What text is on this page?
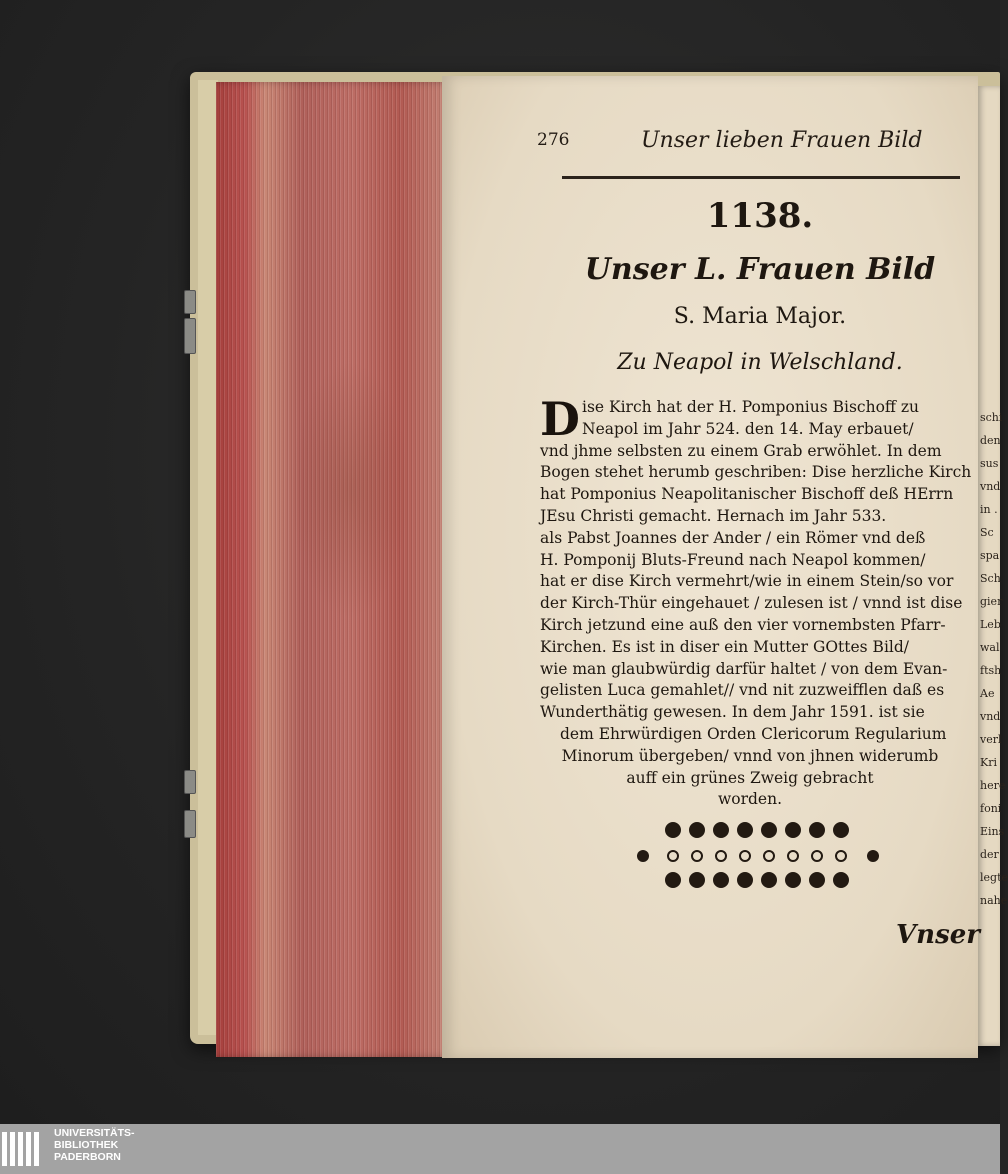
schi
den
sus
vnd
in .
Sc
spa
Sch
gier
Leb
wal
ftsh
Ae
vnd
verl
Kri
here
foni
Eins
der
legte
nahe
276	Unser lieben Frauen Bild
1138.
Unser L. Frauen Bild
S. Maria Major.
Zu Neapol in Welschland.
D ise Kirch hat der H. Pomponius Bischoff zu
Neapol im Jahr 524. den 14. May erbauet/
vnd jhme selbsten zu einem Grab erwöhlet. In dem
Bogen stehet herumb geschriben: Dise herzliche Kirch
hat Pomponius Neapolitanischer Bischoff deß HErrn
JEsu Christi gemacht. Hernach im Jahr 533.
als Pabst Joannes der Ander / ein Römer vnd deß
H. Pomponij Bluts-Freund nach Neapol kommen/
hat er dise Kirch vermehrt/wie in einem Stein/so vor
der Kirch-Thür eingehauet / zulesen ist / vnnd ist dise
Kirch jetzund eine auß den vier vornembsten Pfarr-
Kirchen. Es ist in diser ein Mutter GOttes Bild/
wie man glaubwürdig darfür haltet / von dem Evan-
gelisten Luca gemahlet// vnd nit zuzweifflen daß es
Wunderthätig gewesen. In dem Jahr 1591. ist sie
dem Ehrwürdigen Orden Clericorum Regularium
Minorum übergeben/ vnnd von jhnen widerumb
auff ein grünes Zweig gebracht
worden.
Vnser
UNIVERSITÄTS-
BIBLIOTHEK
PADERBORN
